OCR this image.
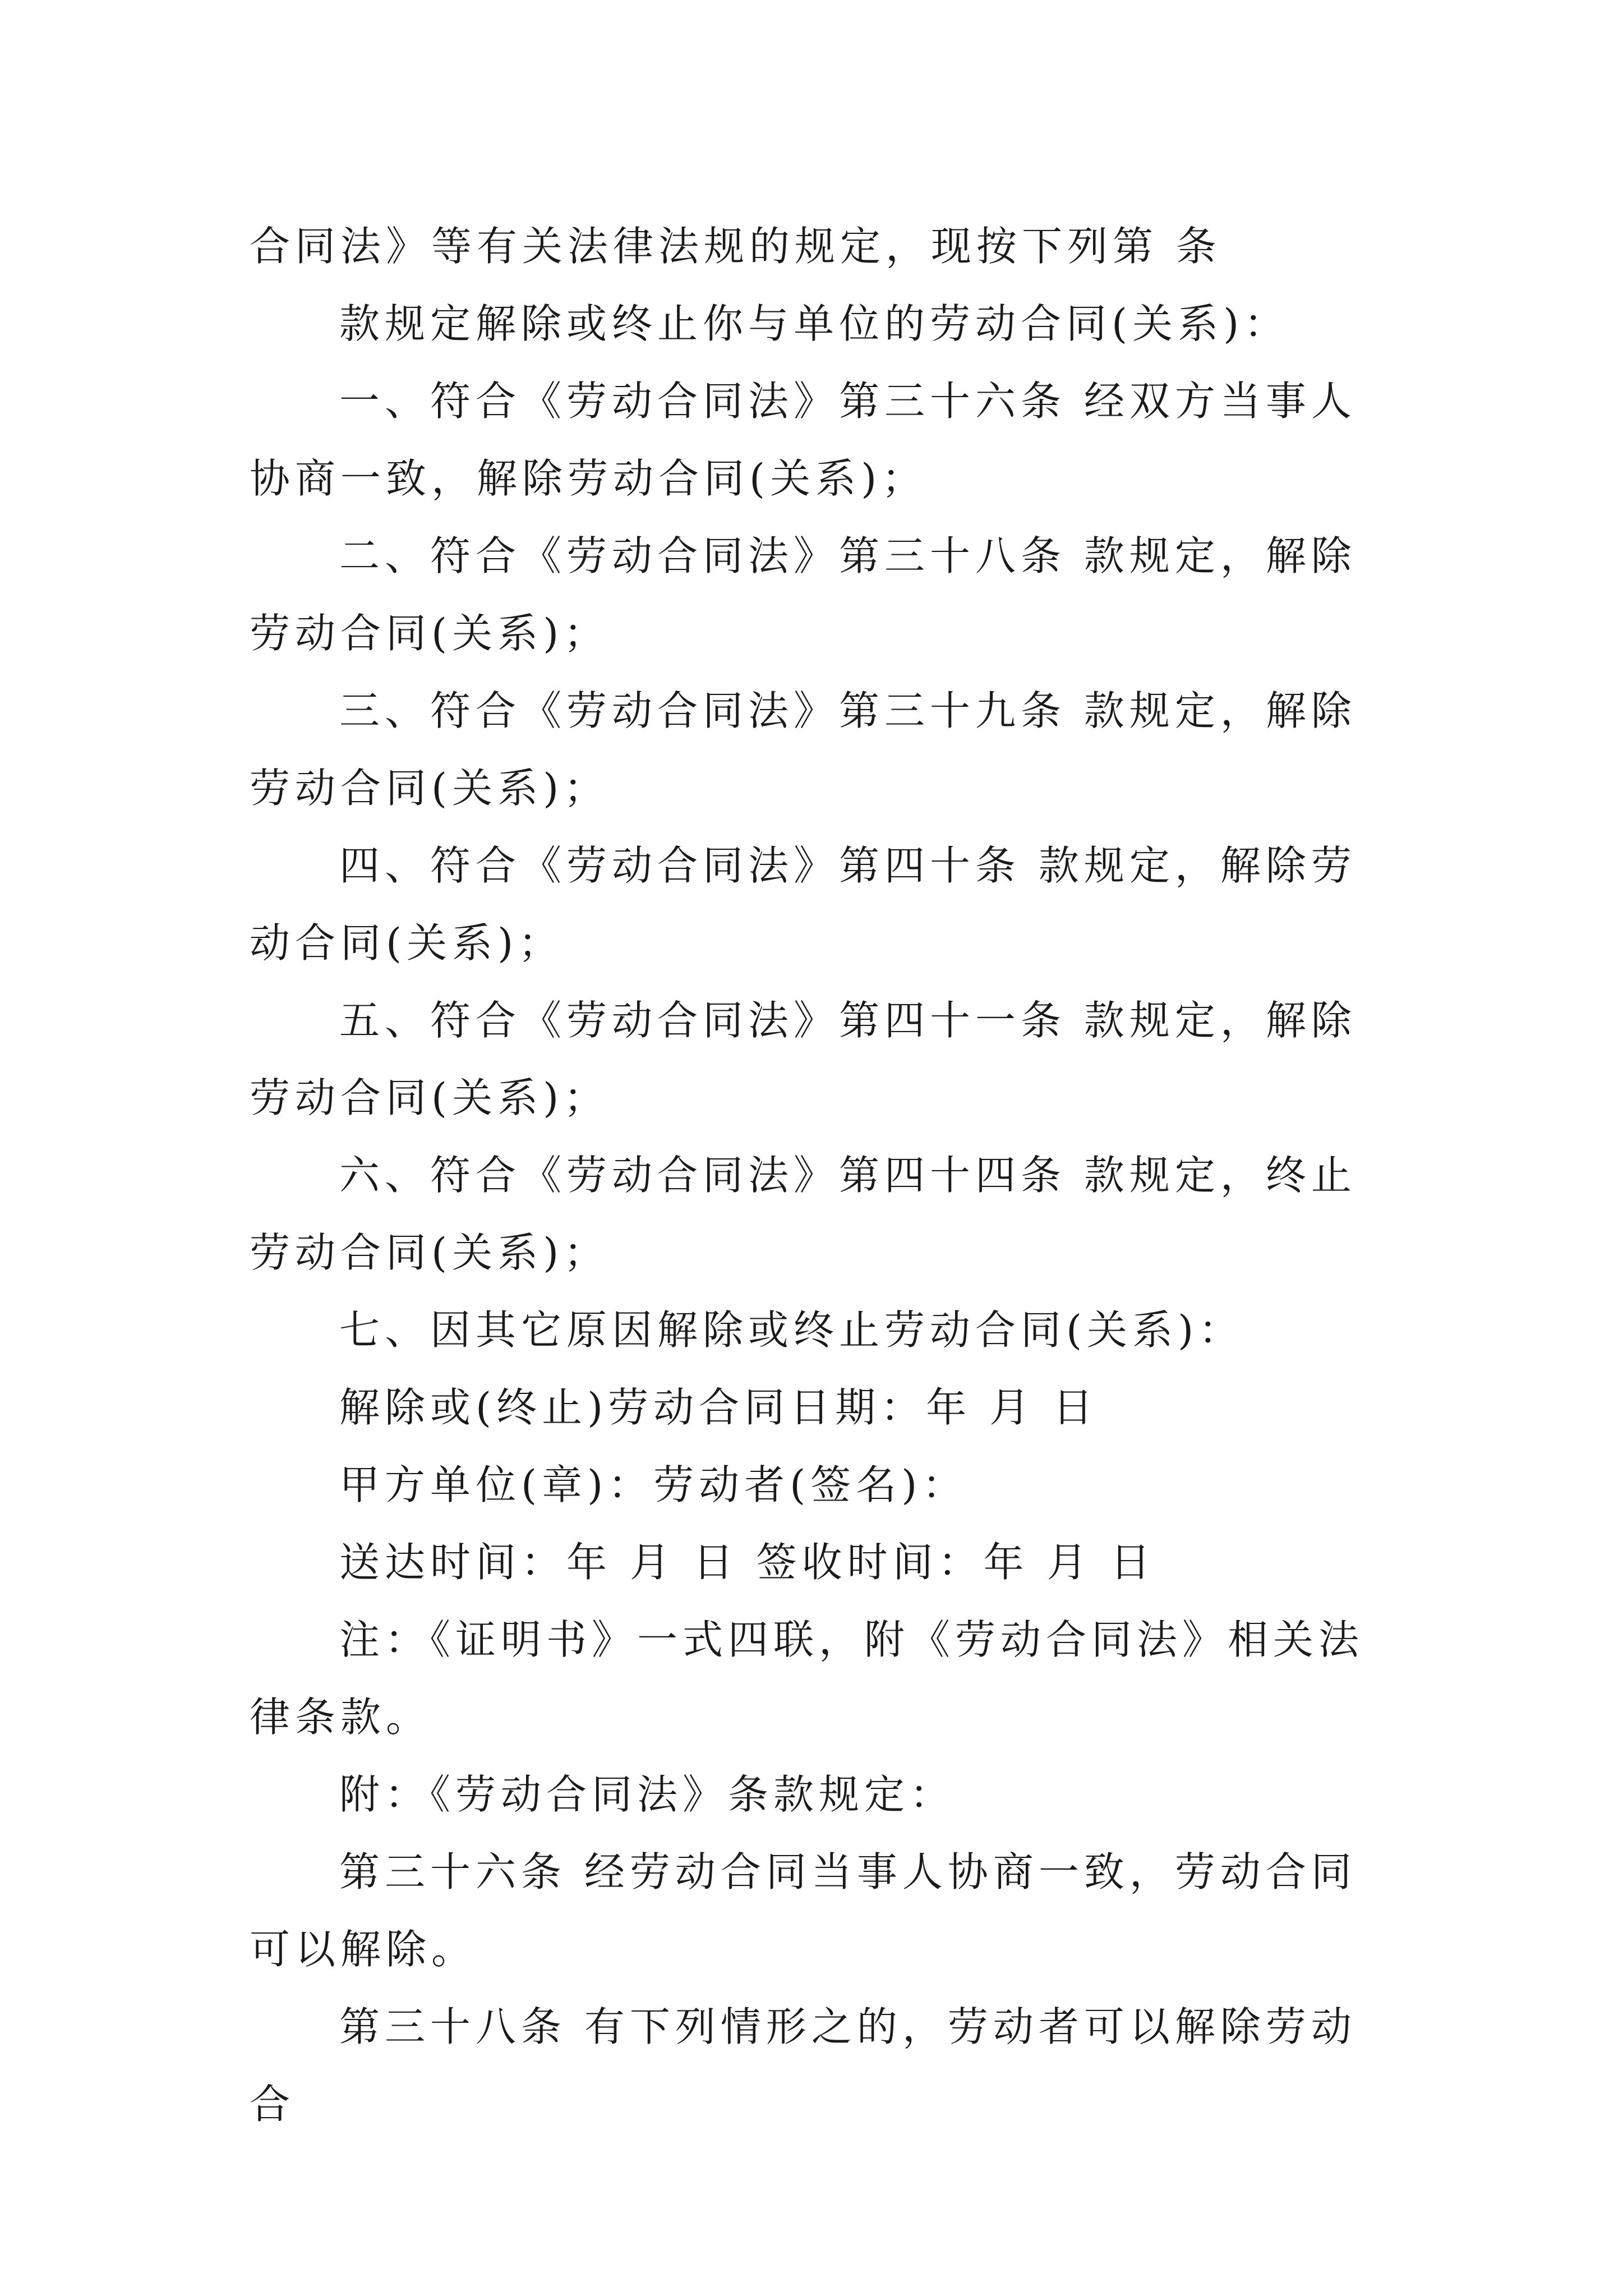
合同法》等有关法律法规的规定，现按下列第 条

款规定解除或终止你与单位的劳动合同(关系)：

一、符合《劳动合同法》第三十六条 经双方当事人协商一致，解除劳动合同(关系)；

二、符合《劳动合同法》第三十八条 款规定，解除劳动合同(关系)；

三、符合《劳动合同法》第三十九条 款规定，解除劳动合同(关系)；

四、符合《劳动合同法》第四十条 款规定，解除劳动合同(关系)；

五、符合《劳动合同法》第四十一条 款规定，解除劳动合同(关系)；

六、符合《劳动合同法》第四十四条 款规定，终止劳动合同(关系)；

七、因其它原因解除或终止劳动合同(关系)：

解除或(终止)劳动合同日期：年 月 日

甲方单位(章)：劳动者(签名)：

送达时间：年 月 日 签收时间：年 月 日

注：《证明书》一式四联，附《劳动合同法》相关法律条款。

附：《劳动合同法》条款规定：

第三十六条 经劳动合同当事人协商一致，劳动合同可以解除。

第三十八条 有下列情形之的，劳动者可以解除劳动合
